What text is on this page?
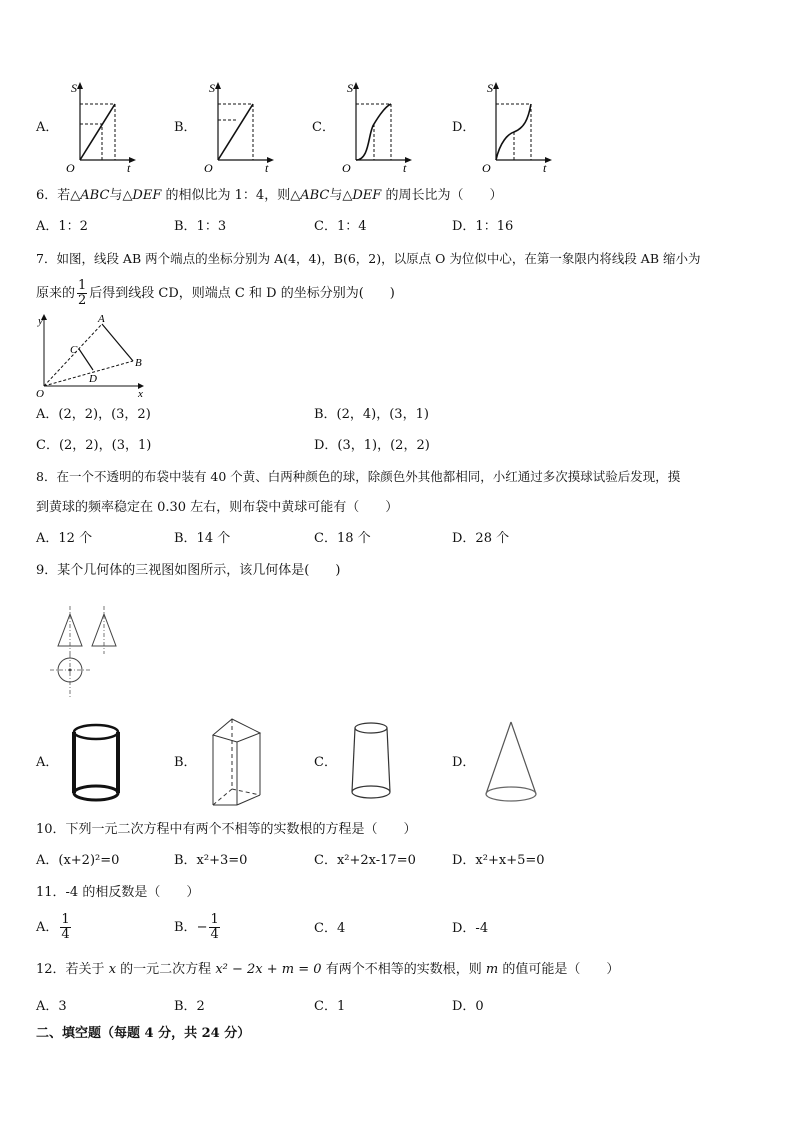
A．
S
t
O
B．
S
t
O
C．
S
t
O
D．
S
t
O
6．若△ABC与△DEF 的相似比为 1：4，则△ABC与△DEF 的周长比为（　　）
A．1：2	B．1：3	C．1：4	D．1：16
7．如图，线段 AB 两个端点的坐标分别为 A(4，4)，B(6，2)，以原点 O 为位似中心，在第一象限内将线段 AB 缩小为
原来的 $\frac{1}{2}$ 后得到线段 CD，则端点 C 和 D 的坐标分别为(　　)
y
x
O
A
B
C
D
A．(2，2)，(3，2)	B．(2，4)，(3，1)
C．(2，2)，(3，1)	D．(3，1)，(2，2)
8．在一个不透明的布袋中装有 40 个黄、白两种颜色的球，除颜色外其他都相同，小红通过多次摸球试验后发现，摸
到黄球的频率稳定在 0.30 左右，则布袋中黄球可能有（　　）
A．12 个	B．14 个	C．18 个	D．28 个
9．某个几何体的三视图如图所示，该几何体是(　　)
A．	B．	C．	D．
10．下列一元二次方程中有两个不相等的实数根的方程是（　　）
A．(x+2)²=0	B．x²+3=0	C．x²+2x-17=0	D．x²+x+5=0
11．-4 的相反数是（　　）
A． $\frac{1}{4}$	B．− $\frac{1}{4}$	C．4	D．-4
12．若关于 x 的一元二次方程 x² − 2x + m = 0 有两个不相等的实数根，则 m 的值可能是（　　）
A．3	B．2	C．1	D．0
二、填空题（每题 4 分，共 24 分）
